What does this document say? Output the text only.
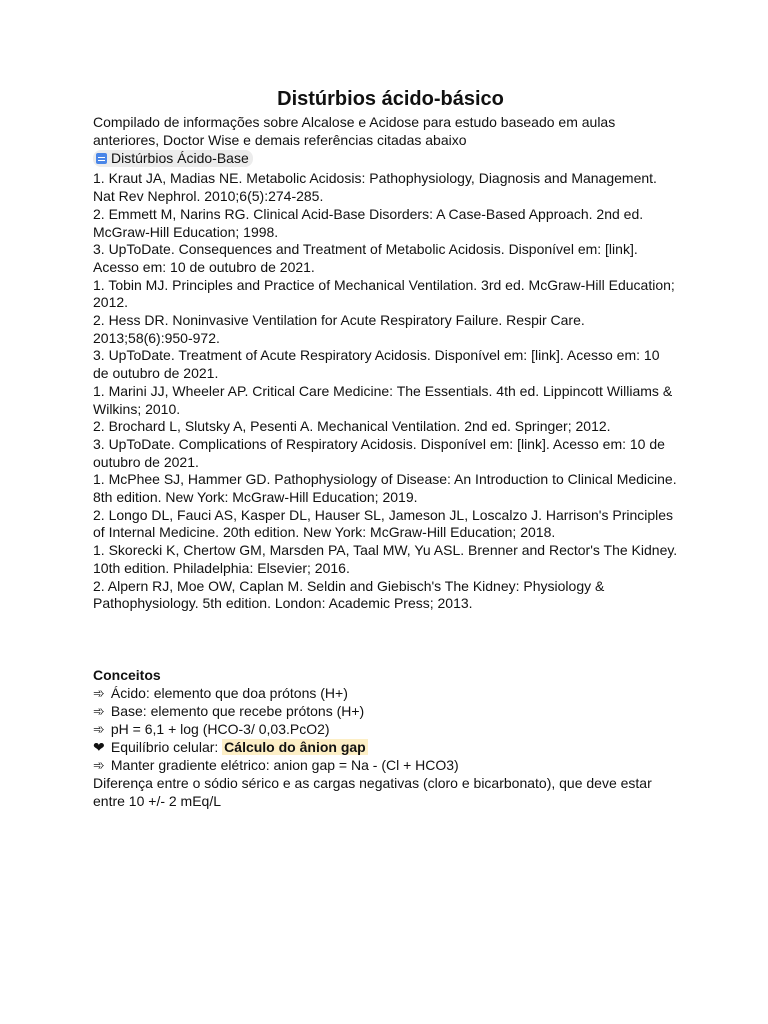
Distúrbios ácido-básico

Compilado de informações sobre Alcalose e Acidose para estudo baseado em aulas anteriores, Doctor Wise e demais referências citadas abaixo

Distúrbios Ácido-Base
1. Kraut JA, Madias NE. Metabolic Acidosis: Pathophysiology, Diagnosis and Management. Nat Rev Nephrol. 2010;6(5):274-285.
2. Emmett M, Narins RG. Clinical Acid-Base Disorders: A Case-Based Approach. 2nd ed. McGraw-Hill Education; 1998.
3. UpToDate. Consequences and Treatment of Metabolic Acidosis. Disponível em: [link]. Acesso em: 10 de outubro de 2021.
1. Tobin MJ. Principles and Practice of Mechanical Ventilation. 3rd ed. McGraw-Hill Education; 2012.
2. Hess DR. Noninvasive Ventilation for Acute Respiratory Failure. Respir Care. 2013;58(6):950-972.
3. UpToDate. Treatment of Acute Respiratory Acidosis. Disponível em: [link]. Acesso em: 10 de outubro de 2021.
1. Marini JJ, Wheeler AP. Critical Care Medicine: The Essentials. 4th ed. Lippincott Williams & Wilkins; 2010.
2. Brochard L, Slutsky A, Pesenti A. Mechanical Ventilation. 2nd ed. Springer; 2012.
3. UpToDate. Complications of Respiratory Acidosis. Disponível em: [link]. Acesso em: 10 de outubro de 2021.
1. McPhee SJ, Hammer GD. Pathophysiology of Disease: An Introduction to Clinical Medicine. 8th edition. New York: McGraw-Hill Education; 2019.
2. Longo DL, Fauci AS, Kasper DL, Hauser SL, Jameson JL, Loscalzo J. Harrison's Principles of Internal Medicine. 20th edition. New York: McGraw-Hill Education; 2018.
1. Skorecki K, Chertow GM, Marsden PA, Taal MW, Yu ASL. Brenner and Rector's The Kidney. 10th edition. Philadelphia: Elsevier; 2016.
2. Alpern RJ, Moe OW, Caplan M. Seldin and Giebisch's The Kidney: Physiology & Pathophysiology. 5th edition. London: Academic Press; 2013.
Conceitos
➾ Ácido: elemento que doa prótons (H+)
➾ Base: elemento que recebe prótons (H+)
➾ pH = 6,1 + log (HCO-3/ 0,03.PcO2)
❤ Equilíbrio celular: Cálculo do ânion gap
➾ Manter gradiente elétrico: anion gap = Na - (Cl + HCO3)

Diferença entre o sódio sérico e as cargas negativas (cloro e bicarbonato), que deve estar entre 10 +/- 2 mEq/L
